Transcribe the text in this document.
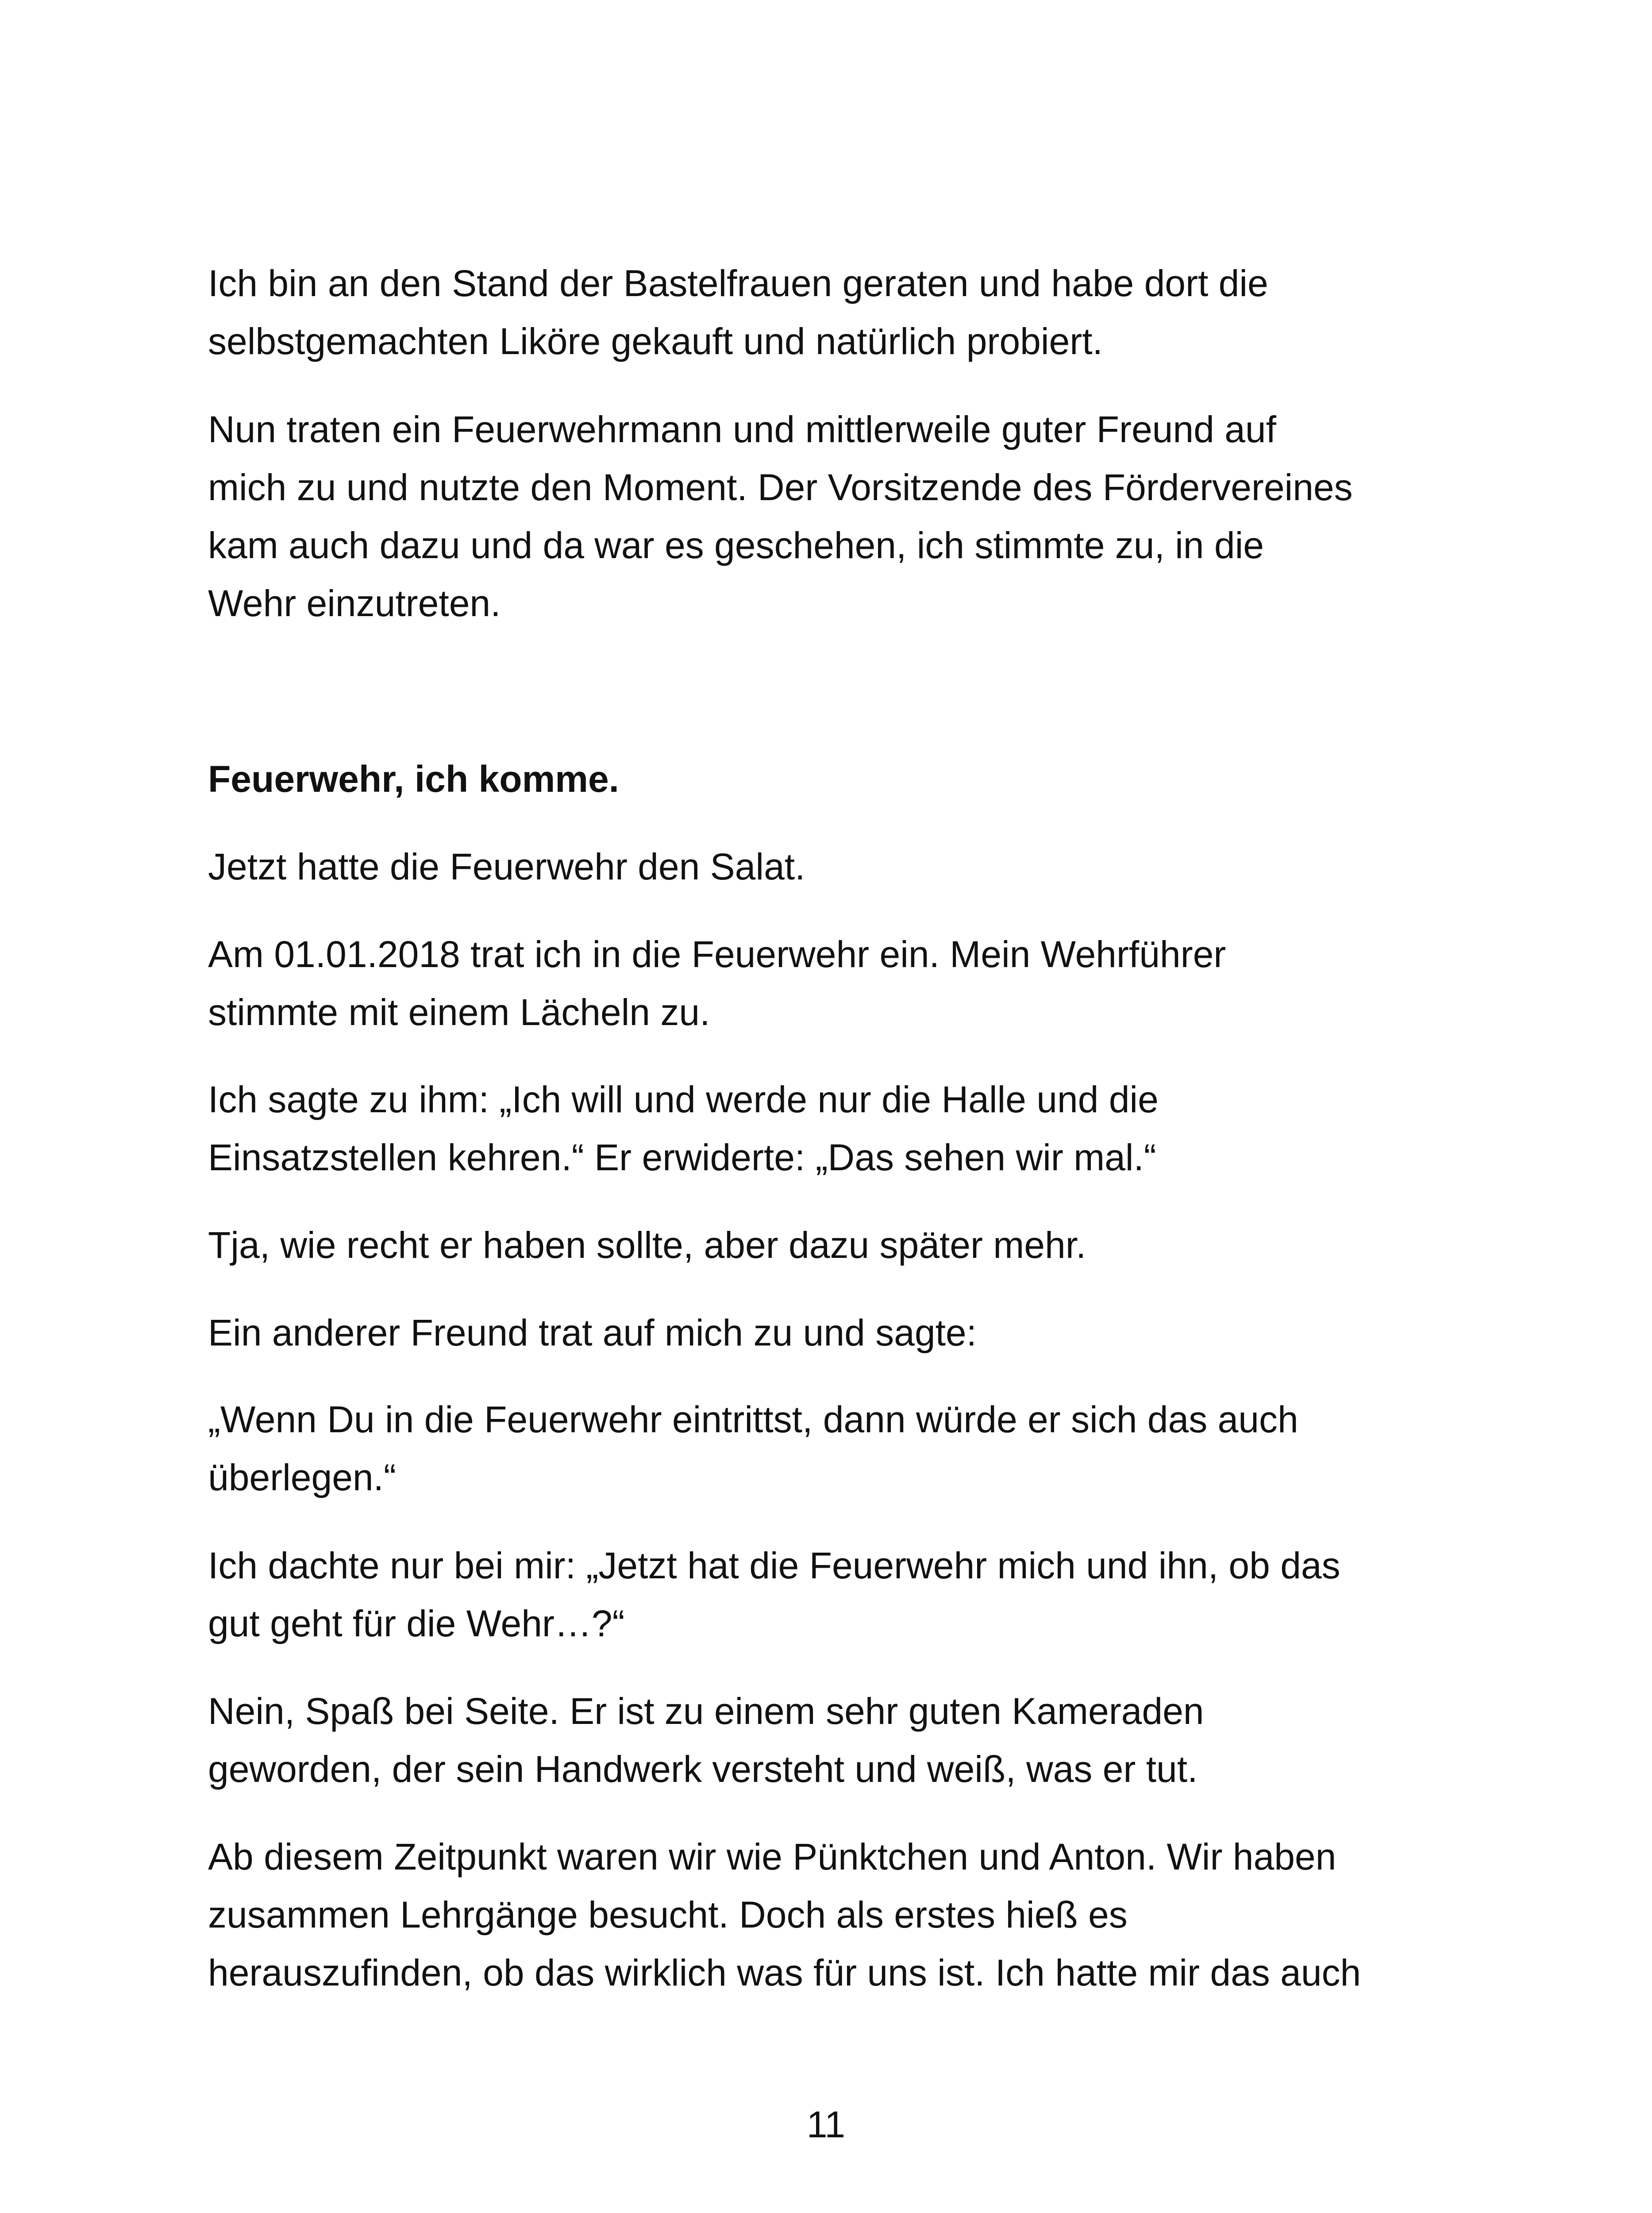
Ich bin an den Stand der Bastelfrauen geraten und habe dort die
selbstgemachten Liköre gekauft und natürlich probiert.
Nun traten ein Feuerwehrmann und mittlerweile guter Freund auf
mich zu und nutzte den Moment. Der Vorsitzende des Fördervereines
kam auch dazu und da war es geschehen, ich stimmte zu, in die
Wehr einzutreten.
Feuerwehr, ich komme.
Jetzt hatte die Feuerwehr den Salat.
Am 01.01.2018 trat ich in die Feuerwehr ein. Mein Wehrführer
stimmte mit einem Lächeln zu.
Ich sagte zu ihm: „Ich will und werde nur die Halle und die
Einsatzstellen kehren.“ Er erwiderte: „Das sehen wir mal.“
Tja, wie recht er haben sollte, aber dazu später mehr.
Ein anderer Freund trat auf mich zu und sagte:
„Wenn Du in die Feuerwehr eintrittst, dann würde er sich das auch
überlegen.“
Ich dachte nur bei mir: „Jetzt hat die Feuerwehr mich und ihn, ob das
gut geht für die Wehr…?“
Nein, Spaß bei Seite. Er ist zu einem sehr guten Kameraden
geworden, der sein Handwerk versteht und weiß, was er tut.
Ab diesem Zeitpunkt waren wir wie Pünktchen und Anton. Wir haben
zusammen Lehrgänge besucht. Doch als erstes hieß es
herauszufinden, ob das wirklich was für uns ist. Ich hatte mir das auch
11
